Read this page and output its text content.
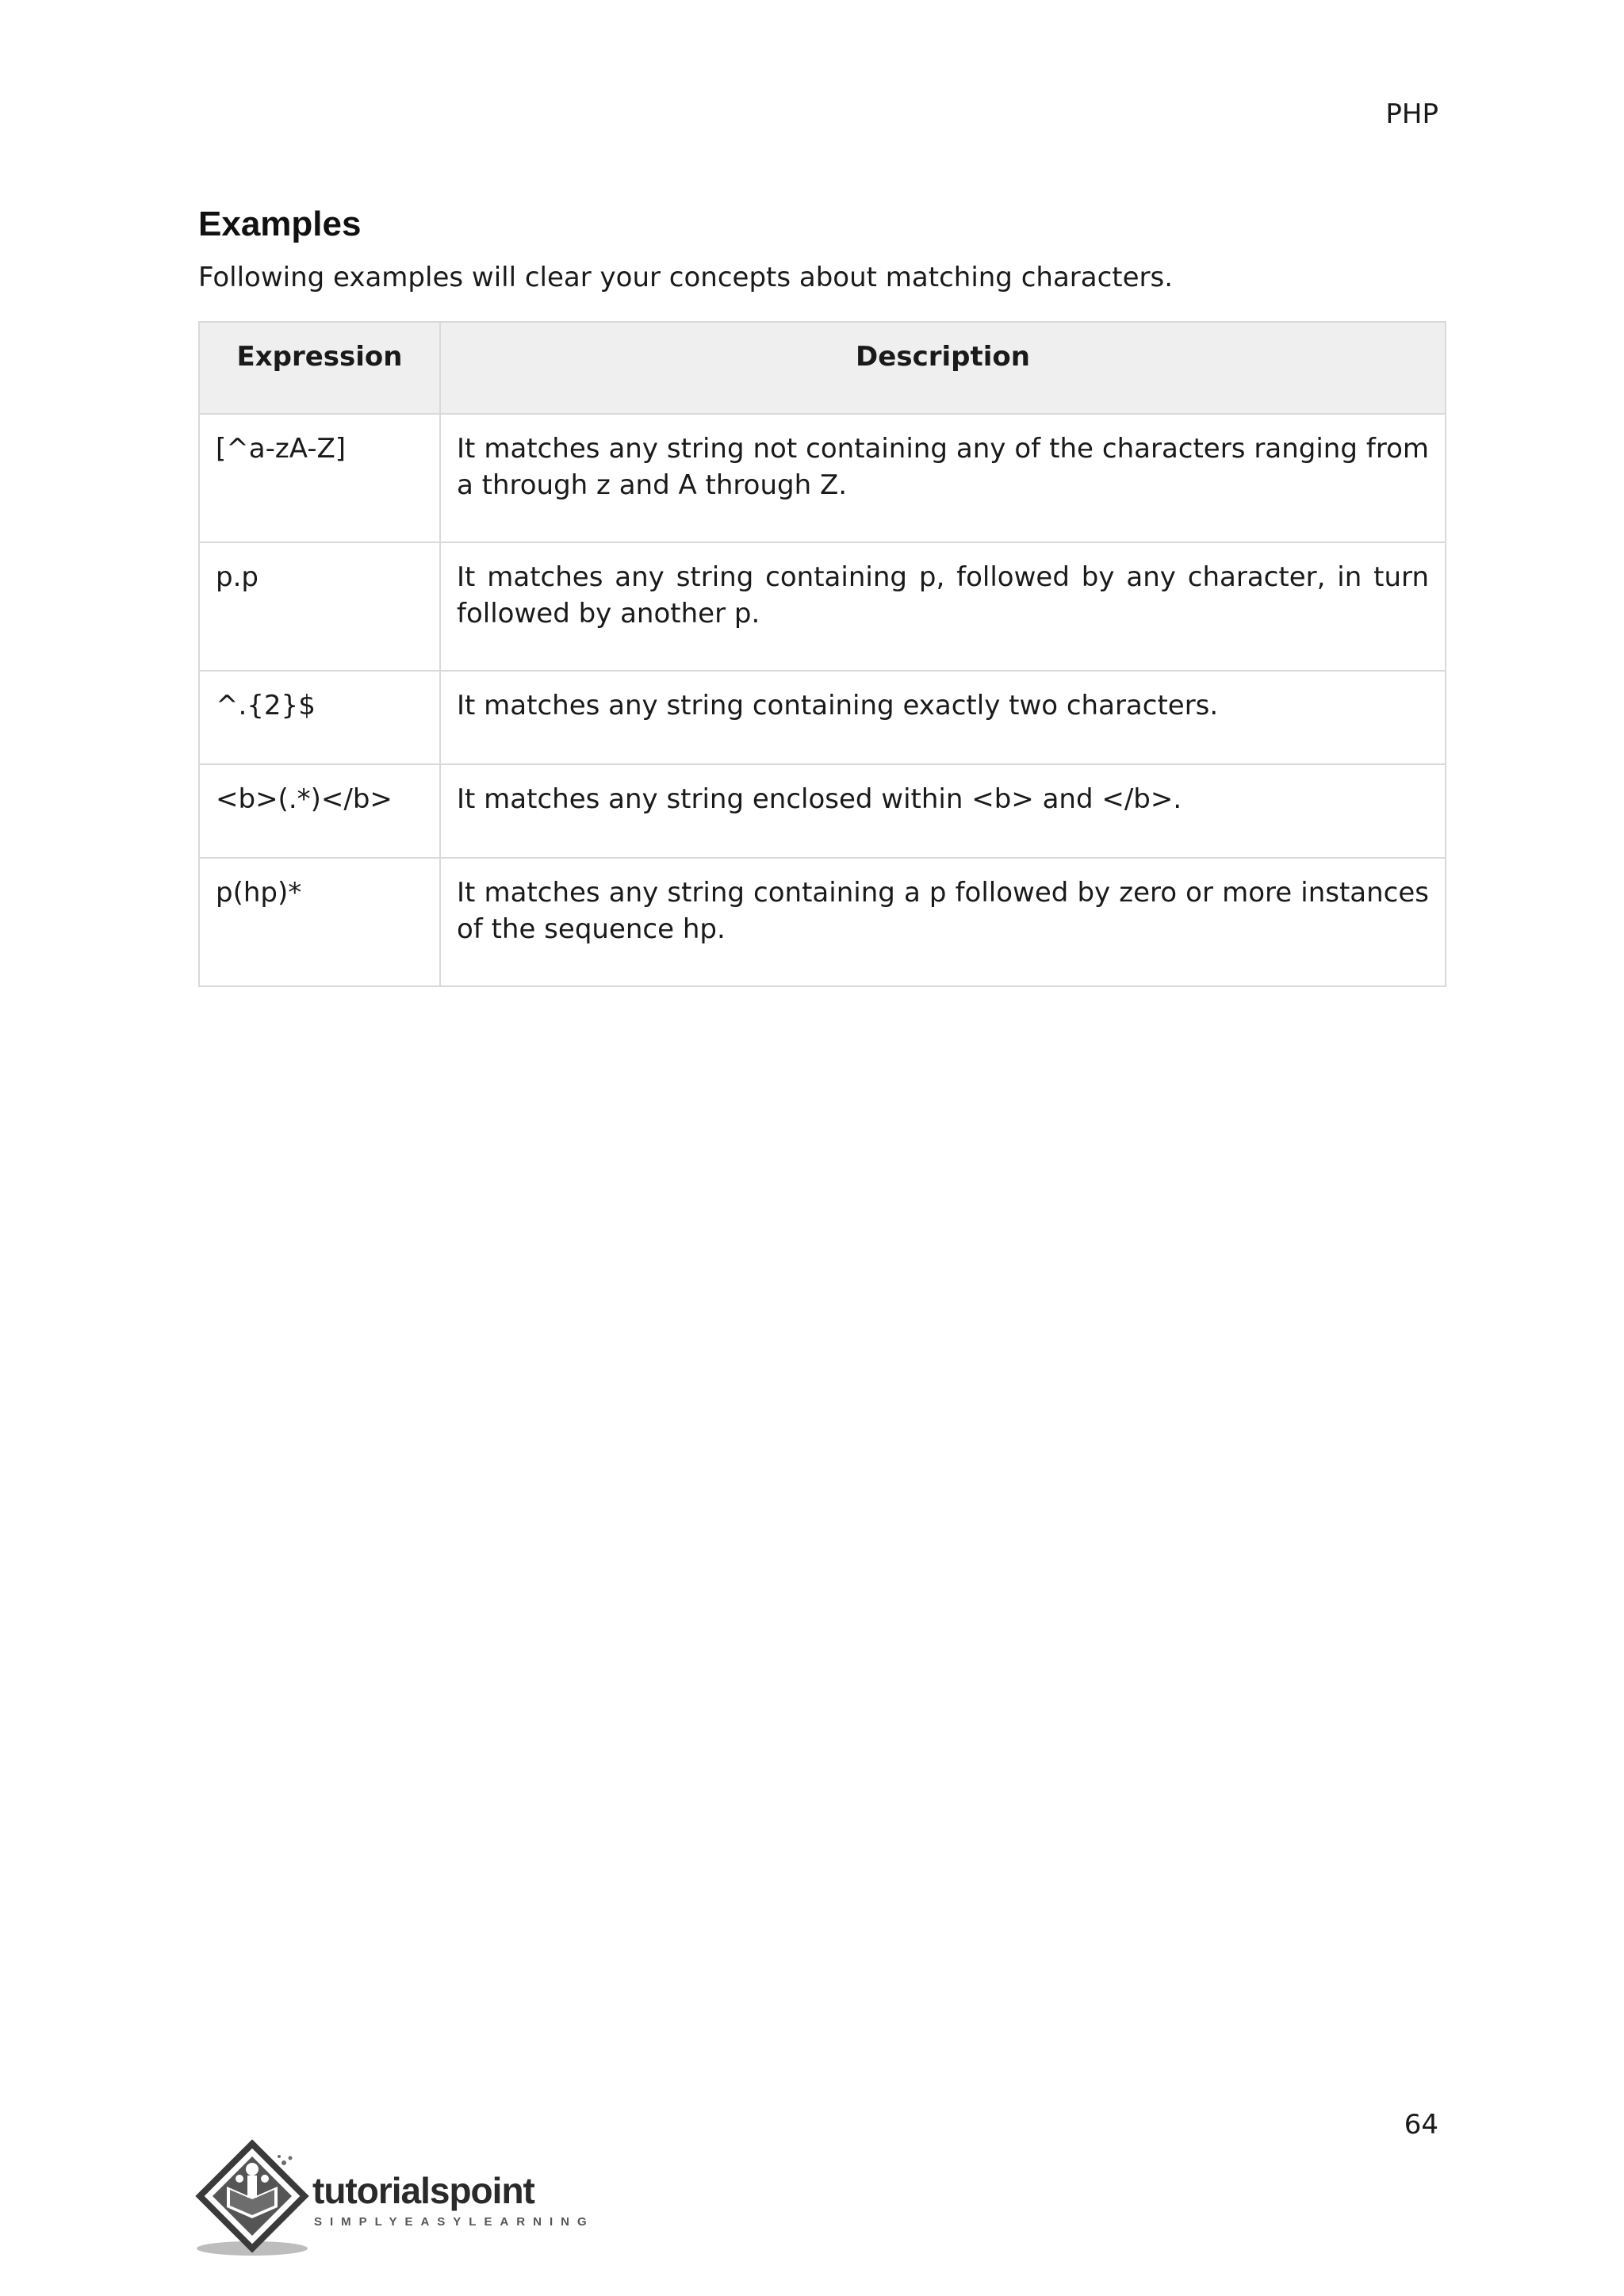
PHP
Examples

Following examples will clear your concepts about matching characters.

Expression	Description
[^a-zA-Z]	It matches any string not containing any of the characters ranging from a through z and A through Z.
p.p	It matches any string containing p, followed by any character, in turn followed by another p.
^.{2}$	It matches any string containing exactly two characters.
<b>(.*)</b>	It matches any string enclosed within <b> and </b>.
p(hp)*	It matches any string containing a p followed by zero or more instances of the sequence hp.
64
tutorialspoint
SIMPLYEASYLEARNING
